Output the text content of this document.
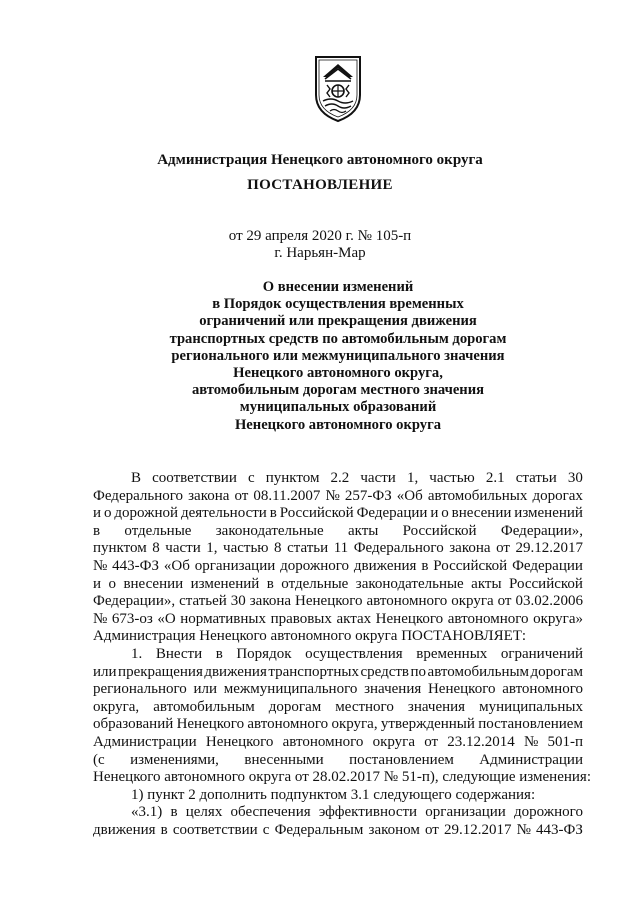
Администрация Ненецкого автономного округа
ПОСТАНОВЛЕНИЕ
от 29 апреля 2020 г. № 105-п
г. Нарьян-Мар
О внесении изменений
в Порядок осуществления временных
ограничений или прекращения движения
транспортных средств по автомобильным дорогам
регионального или межмуниципального значения
Ненецкого автономного округа,
автомобильным дорогам местного значения
муниципальных образований
Ненецкого автономного округа
В соответствии с пунктом 2.2 части 1, частью 2.1 статьи 30
Федерального закона от 08.11.2007 № 257-ФЗ «Об автомобильных дорогах
и о дорожной деятельности в Российской Федерации и о внесении изменений
в отдельные законодательные акты Российской Федерации»,
пунктом 8 части 1, частью 8 статьи 11 Федерального закона от 29.12.2017
№ 443-ФЗ «Об организации дорожного движения в Российской Федерации
и о внесении изменений в отдельные законодательные акты Российской
Федерации», статьей 30 закона Ненецкого автономного округа от 03.02.2006
№ 673-оз «О нормативных правовых актах Ненецкого автономного округа»
Администрация Ненецкого автономного округа ПОСТАНОВЛЯЕТ:
1. Внести в Порядок осуществления временных ограничений
или прекращения движения транспортных средств по автомобильным дорогам
регионального или межмуниципального значения Ненецкого автономного
округа, автомобильным дорогам местного значения муниципальных
образований Ненецкого автономного округа, утвержденный постановлением
Администрации Ненецкого автономного округа от 23.12.2014 № 501-п
(с изменениями, внесенными постановлением Администрации
Ненецкого автономного округа от 28.02.2017 № 51-п), следующие изменения:
1) пункт 2 дополнить подпунктом 3.1 следующего содержания:
«3.1) в целях обеспечения эффективности организации дорожного
движения в соответствии с Федеральным законом от 29.12.2017 № 443-ФЗ
